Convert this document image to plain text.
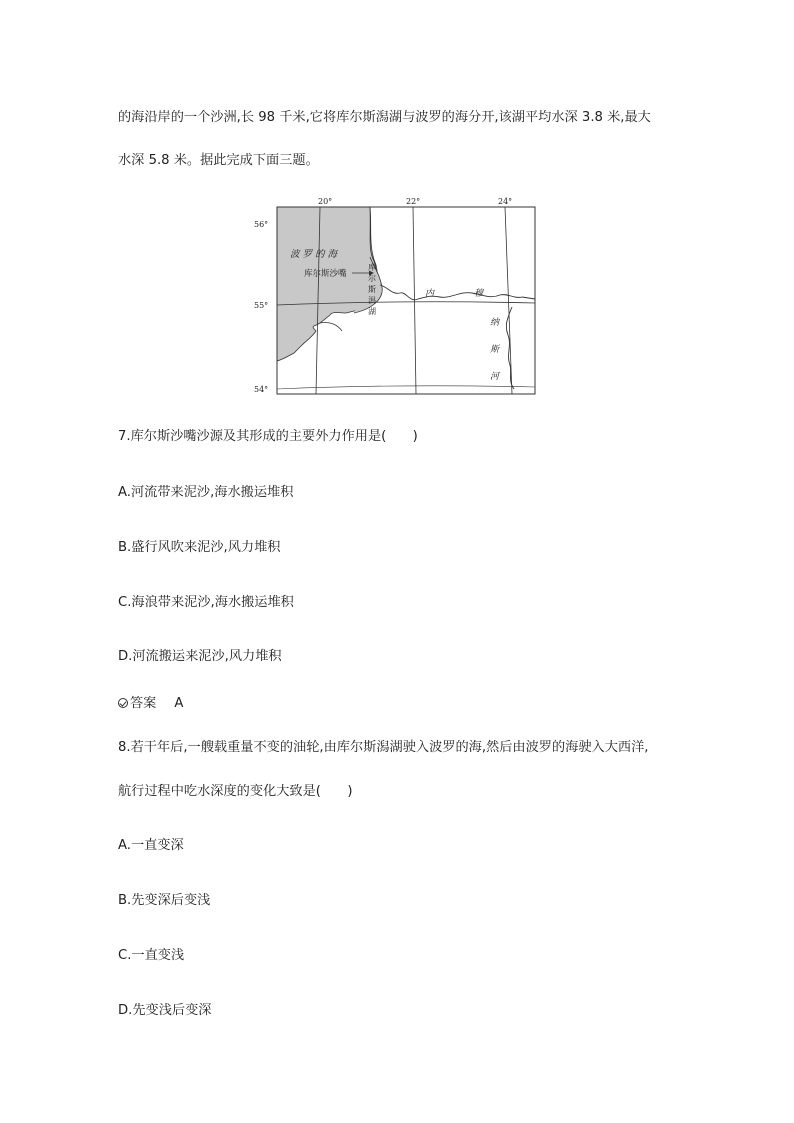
的海沿岸的一个沙洲,长 98 千米,它将库尔斯潟湖与波罗的海分开,该湖平均水深 3.8 米,最大
水深 5.8 米。据此完成下面三题。
20°	22°	24°
56°
55°
54°
波 罗 的 海
库尔斯沙嘴
库
尔
斯
潟
湖
内	穆
纳
斯
河
7.库尔斯沙嘴沙源及其形成的主要外力作用是(　　)
A.河流带来泥沙,海水搬运堆积
B.盛行风吹来泥沙,风力堆积
C.海浪带来泥沙,海水搬运堆积
D.河流搬运来泥沙,风力堆积
答案 A
8.若干年后,一艘载重量不变的油轮,由库尔斯潟湖驶入波罗的海,然后由波罗的海驶入大西洋,
航行过程中吃水深度的变化大致是(　　)
A.一直变深
B.先变深后变浅
C.一直变浅
D.先变浅后变深
